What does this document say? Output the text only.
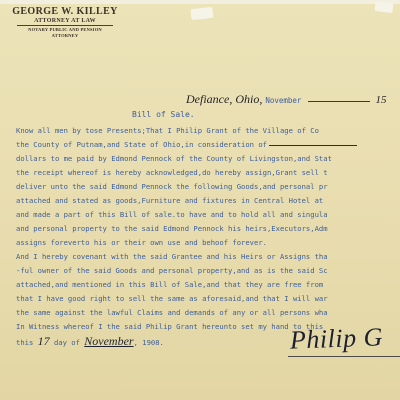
GEORGE W. KILLEY
ATTORNEY AT LAW
NOTARY PUBLIC AND PENSION
ATTORNEY
Defiance, Ohio, November	15
Bill of Sale.
Know all men by tose Presents;That I Philip Grant of the Village of Co
the County of Putnam,and State of Ohio,in consideration of
dollars to me paid by Edmond Pennock of the County of Livingston,and Stat
the receipt whereof is hereby acknowledged,do hereby assign,Grant sell t
deliver unto the said Edmond Pennock the following Goods,and personal pr
attached and stated as goods,Furniture and fixtures in Central Hotel at
and made a part of this Bill of sale.to have and to hold all and singula
and personal property to the said Edmond Pennock his heirs,Executors,Adm
assigns foreverto his or their own use and behoof forever.
And I hereby covenant with the said Grantee and his Heirs or Assigns tha
-ful owner of the said Goods and personal property,and as is the said Sc
attached,and mentioned in this Bill of Sale,and that they are free from
that I have good right to sell the same as aforesaid,and that I will war
the same against the lawful Claims and demands of any or all persons wha
In Witness whereof I the said Philip Grant hereunto set my hand to this
this 17 day of November, 1908.	Philip G
